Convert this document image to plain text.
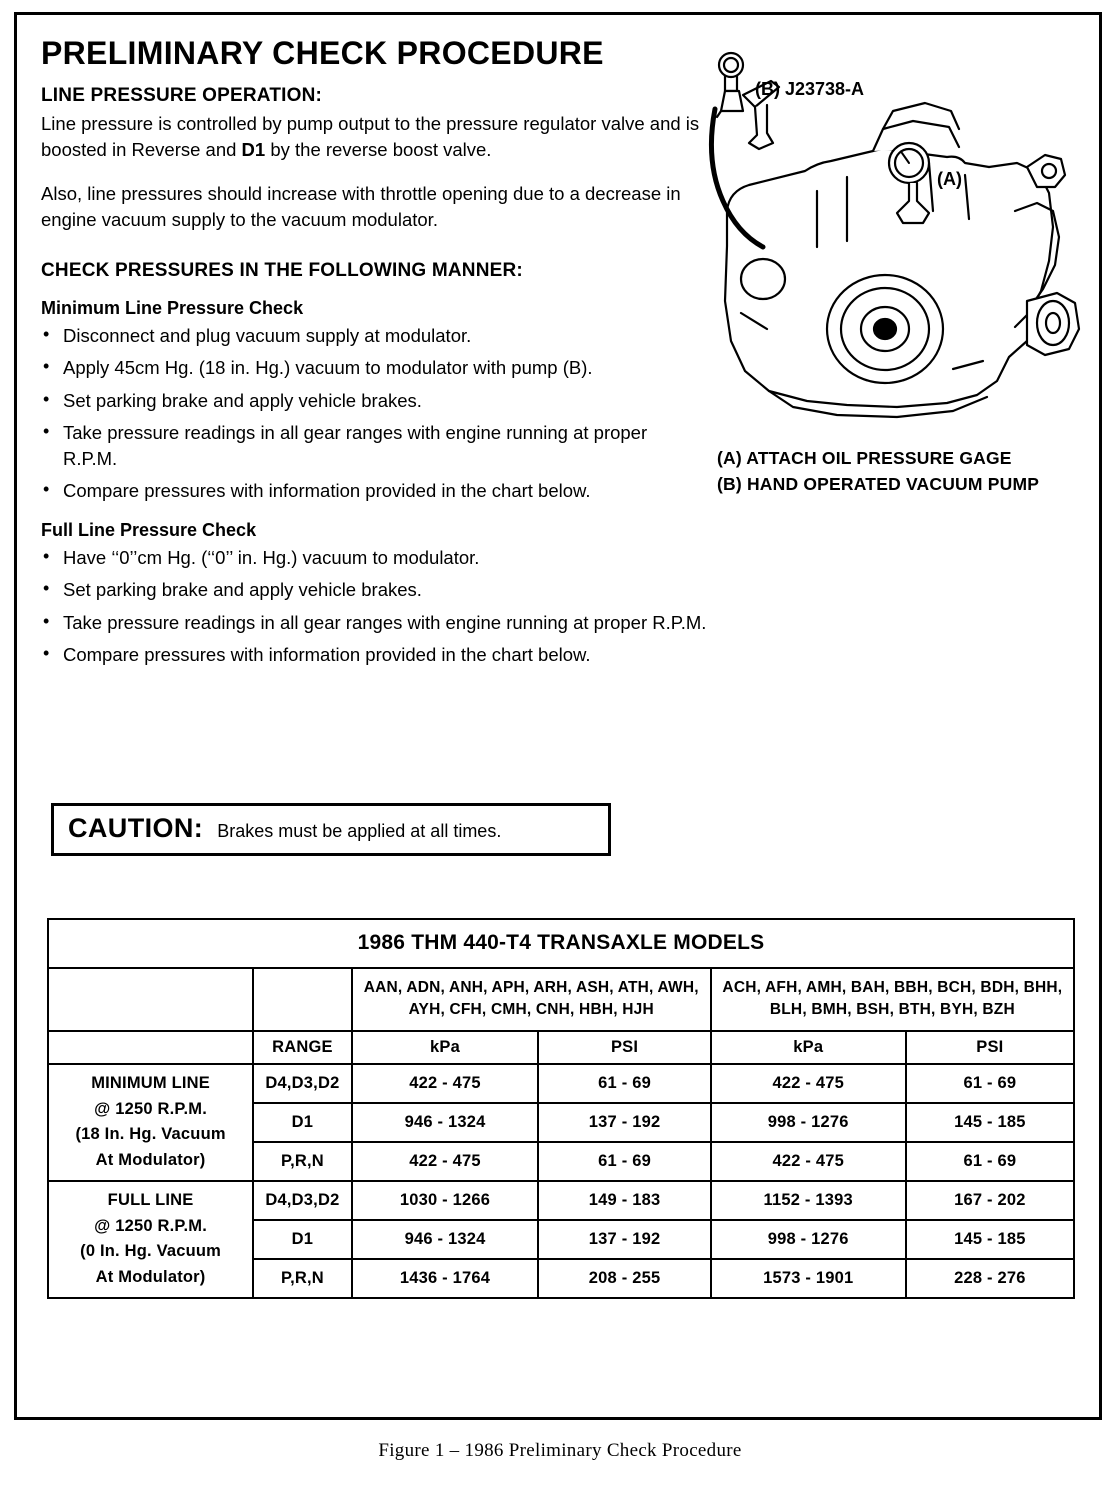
PRELIMINARY CHECK PROCEDURE
LINE PRESSURE OPERATION:

Line pressure is controlled by pump output to the pressure regulator valve and is boosted in Reverse and D1 by the reverse boost valve.

Also, line pressures should increase with throttle opening due to a decrease in engine vacuum supply to the vacuum modulator.

CHECK PRESSURES IN THE FOLLOWING MANNER:
Minimum Line Pressure Check
• Disconnect and plug vacuum supply at modulator.
• Apply 45cm Hg. (18 in. Hg.) vacuum to modulator with pump (B).
• Set parking brake and apply vehicle brakes.
• Take pressure readings in all gear ranges with engine running at proper R.P.M.
• Compare pressures with information provided in the chart below.
Full Line Pressure Check
• Have ‘‘0’’cm Hg. (‘‘0’’ in. Hg.) vacuum to modulator.
• Set parking brake and apply vehicle brakes.
• Take pressure readings in all gear ranges with engine running at proper R.P.M.
• Compare pressures with information provided in the chart below.
CAUTION: Brakes must be applied at all times.
(B) J23738-A
(A)
(A) ATTACH OIL PRESSURE GAGE
(B) HAND OPERATED VACUUM PUMP
1986 THM 440-T4 TRANSAXLE MODELS					
		AAN, ADN, ANH, APH, ARH, ASH, ATH, AWH, AYH, CFH, CMH, CNH, HBH, HJH		ACH, AFH, AMH, BAH, BBH, BCH, BDH, BHH, BLH, BMH, BSH, BTH, BYH, BZH	
	RANGE	kPa	PSI	kPa	PSI

MINIMUM LINE
@ 1250 R.P.M.
(18 In. Hg. Vacuum
At Modulator)	D4,D3,D2	422 - 475	61 - 69	422 - 475	61 - 69
	D1	946 - 1324	137 - 192	998 - 1276	145 - 185
	P,R,N	422 - 475	61 - 69	422 - 475	61 - 69

FULL LINE
@ 1250 R.P.M.
(0 In. Hg. Vacuum
At Modulator)	D4,D3,D2	1030 - 1266	149 - 183	1152 - 1393	167 - 202
	D1	946 - 1324	137 - 192	998 - 1276	145 - 185
	P,R,N	1436 - 1764	208 - 255	1573 - 1901	228 - 276
Figure 1 – 1986 Preliminary Check Procedure
